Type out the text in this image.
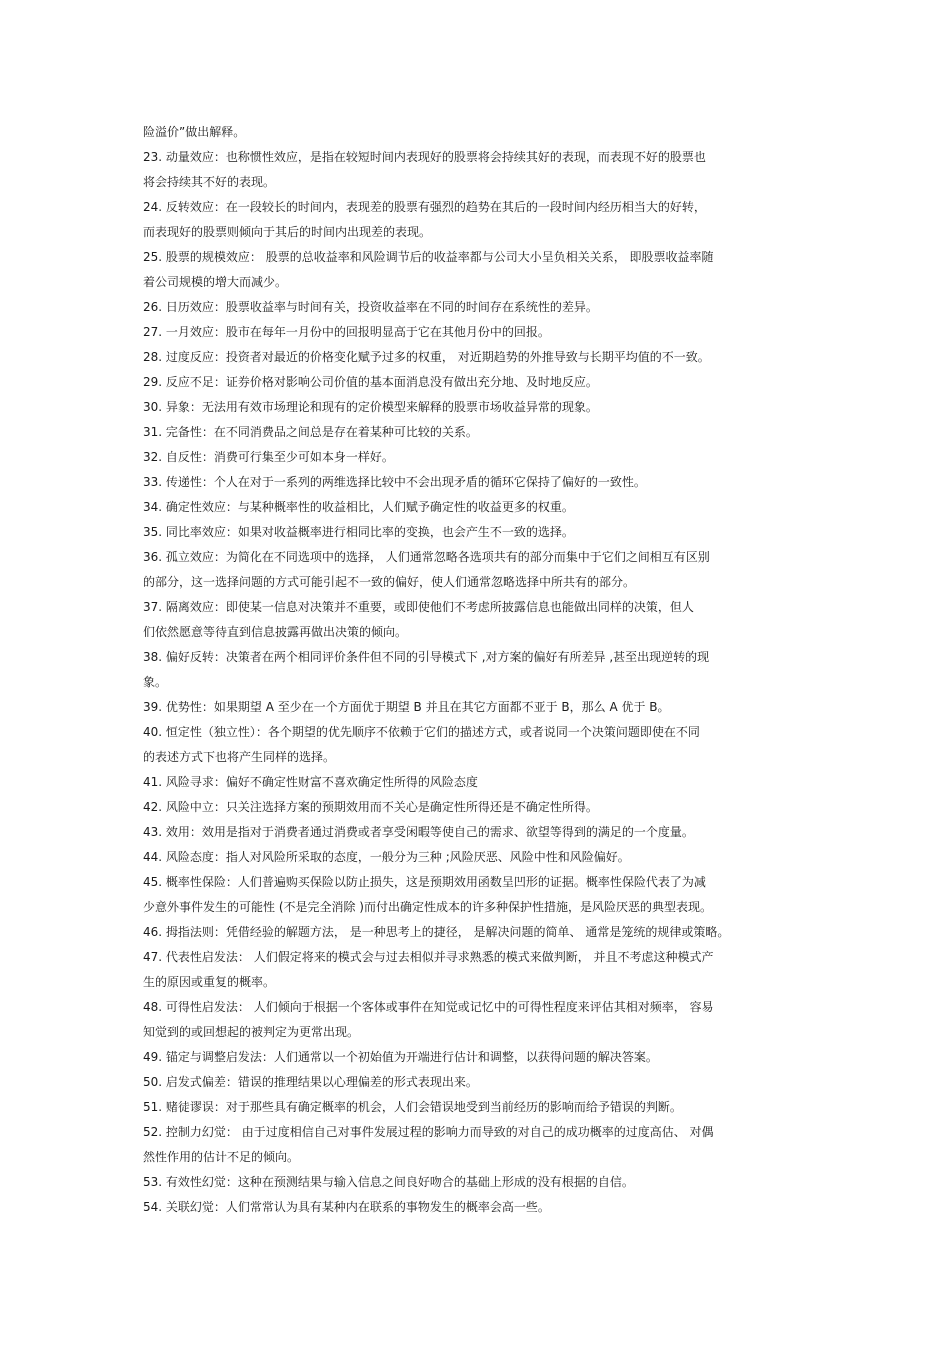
险溢价”做出解释。
23. 动量效应：也称惯性效应，是指在较短时间内表现好的股票将会持续其好的表现，而表现不好的股票也
将会持续其不好的表现。
24. 反转效应：在一段较长的时间内，表现差的股票有强烈的趋势在其后的一段时间内经历相当大的好转，
而表现好的股票则倾向于其后的时间内出现差的表现。
25. 股票的规模效应： 股票的总收益率和风险调节后的收益率都与公司大小呈负相关关系， 即股票收益率随
着公司规模的增大而减少。
26. 日历效应：股票收益率与时间有关，投资收益率在不同的时间存在系统性的差异。
27. 一月效应：股市在每年一月份中的回报明显高于它在其他月份中的回报。
28. 过度反应：投资者对最近的价格变化赋予过多的权重， 对近期趋势的外推导致与长期平均值的不一致。
29. 反应不足：证券价格对影响公司价值的基本面消息没有做出充分地、及时地反应。
30. 异象：无法用有效市场理论和现有的定价模型来解释的股票市场收益异常的现象。
31. 完备性：在不同消费品之间总是存在着某种可比较的关系。
32. 自反性：消费可行集至少可如本身一样好。
33. 传递性：个人在对于一系列的两维选择比较中不会出现矛盾的循环它保持了偏好的一致性。
34. 确定性效应：与某种概率性的收益相比，人们赋予确定性的收益更多的权重。
35. 同比率效应：如果对收益概率进行相同比率的变换，也会产生不一致的选择。
36. 孤立效应：为简化在不同选项中的选择， 人们通常忽略各选项共有的部分而集中于它们之间相互有区别
的部分，这一选择问题的方式可能引起不一致的偏好，使人们通常忽略选择中所共有的部分。
37. 隔离效应：即使某一信息对决策并不重要，或即使他们不考虑所披露信息也能做出同样的决策，但人
们依然愿意等待直到信息披露再做出决策的倾向。
38. 偏好反转：决策者在两个相同评价条件但不同的引导模式下 ,对方案的偏好有所差异 ,甚至出现逆转的现
象。
39. 优势性：如果期望 A 至少在一个方面优于期望 B 并且在其它方面都不亚于 B，那么 A 优于 B。
40. 恒定性（独立性）：各个期望的优先顺序不依赖于它们的描述方式，或者说同一个决策问题即使在不同
的表述方式下也将产生同样的选择。
41. 风险寻求：偏好不确定性财富不喜欢确定性所得的风险态度
42. 风险中立：只关注选择方案的预期效用而不关心是确定性所得还是不确定性所得。
43. 效用：效用是指对于消费者通过消费或者享受闲暇等使自己的需求、欲望等得到的满足的一个度量。
44. 风险态度：指人对风险所采取的态度，一般分为三种 ;风险厌恶、风险中性和风险偏好。
45. 概率性保险：人们普遍购买保险以防止损失，这是预期效用函数呈凹形的证据。概率性保险代表了为减
少意外事件发生的可能性 (不是完全消除 )而付出确定性成本的许多种保护性措施，是风险厌恶的典型表现。
46. 拇指法则：凭借经验的解题方法， 是一种思考上的捷径， 是解决问题的简单、 通常是笼统的规律或策略。
47. 代表性启发法： 人们假定将来的模式会与过去相似并寻求熟悉的模式来做判断， 并且不考虑这种模式产
生的原因或重复的概率。
48. 可得性启发法： 人们倾向于根据一个客体或事件在知觉或记忆中的可得性程度来评估其相对频率， 容易
知觉到的或回想起的被判定为更常出现。
49. 锚定与调整启发法：人们通常以一个初始值为开端进行估计和调整，以获得问题的解决答案。
50. 启发式偏差：错误的推理结果以心理偏差的形式表现出来。
51. 赌徒谬误：对于那些具有确定概率的机会，人们会错误地受到当前经历的影响而给予错误的判断。
52. 控制力幻觉： 由于过度相信自己对事件发展过程的影响力而导致的对自己的成功概率的过度高估、 对偶
然性作用的估计不足的倾向。
53. 有效性幻觉：这种在预测结果与输入信息之间良好吻合的基础上形成的没有根据的自信。
54. 关联幻觉：人们常常认为具有某种内在联系的事物发生的概率会高一些。
